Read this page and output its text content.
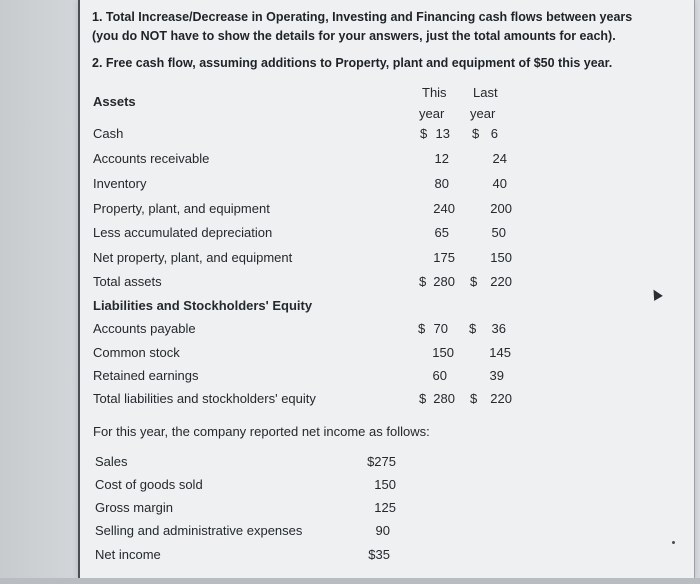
1. Total Increase/Decrease in Operating, Investing and Financing cash flows between years
(you do NOT have to show the details for your answers, just the total amounts for each).
2. Free cash flow, assuming additions to Property, plant and equipment of $50 this year.
Assets
This
year
Last
year
Cash	$ 13 $ 6
Accounts receivable	12	24
Inventory	80	40
Property, plant, and equipment	240	200
Less accumulated depreciation	65	50
Net property, plant, and equipment	175	150
Total assets	$ 280 $	220
Liabilities and Stockholders' Equity
Accounts payable	$ 70 $	36
Common stock	150	145
Retained earnings	60	39
Total liabilities and stockholders' equity	$ 280 $	220
For this year, the company reported net income as follows:
Sales	$275
Cost of goods sold	150
Gross margin	125
Selling and administrative expenses	90
Net income	$35
